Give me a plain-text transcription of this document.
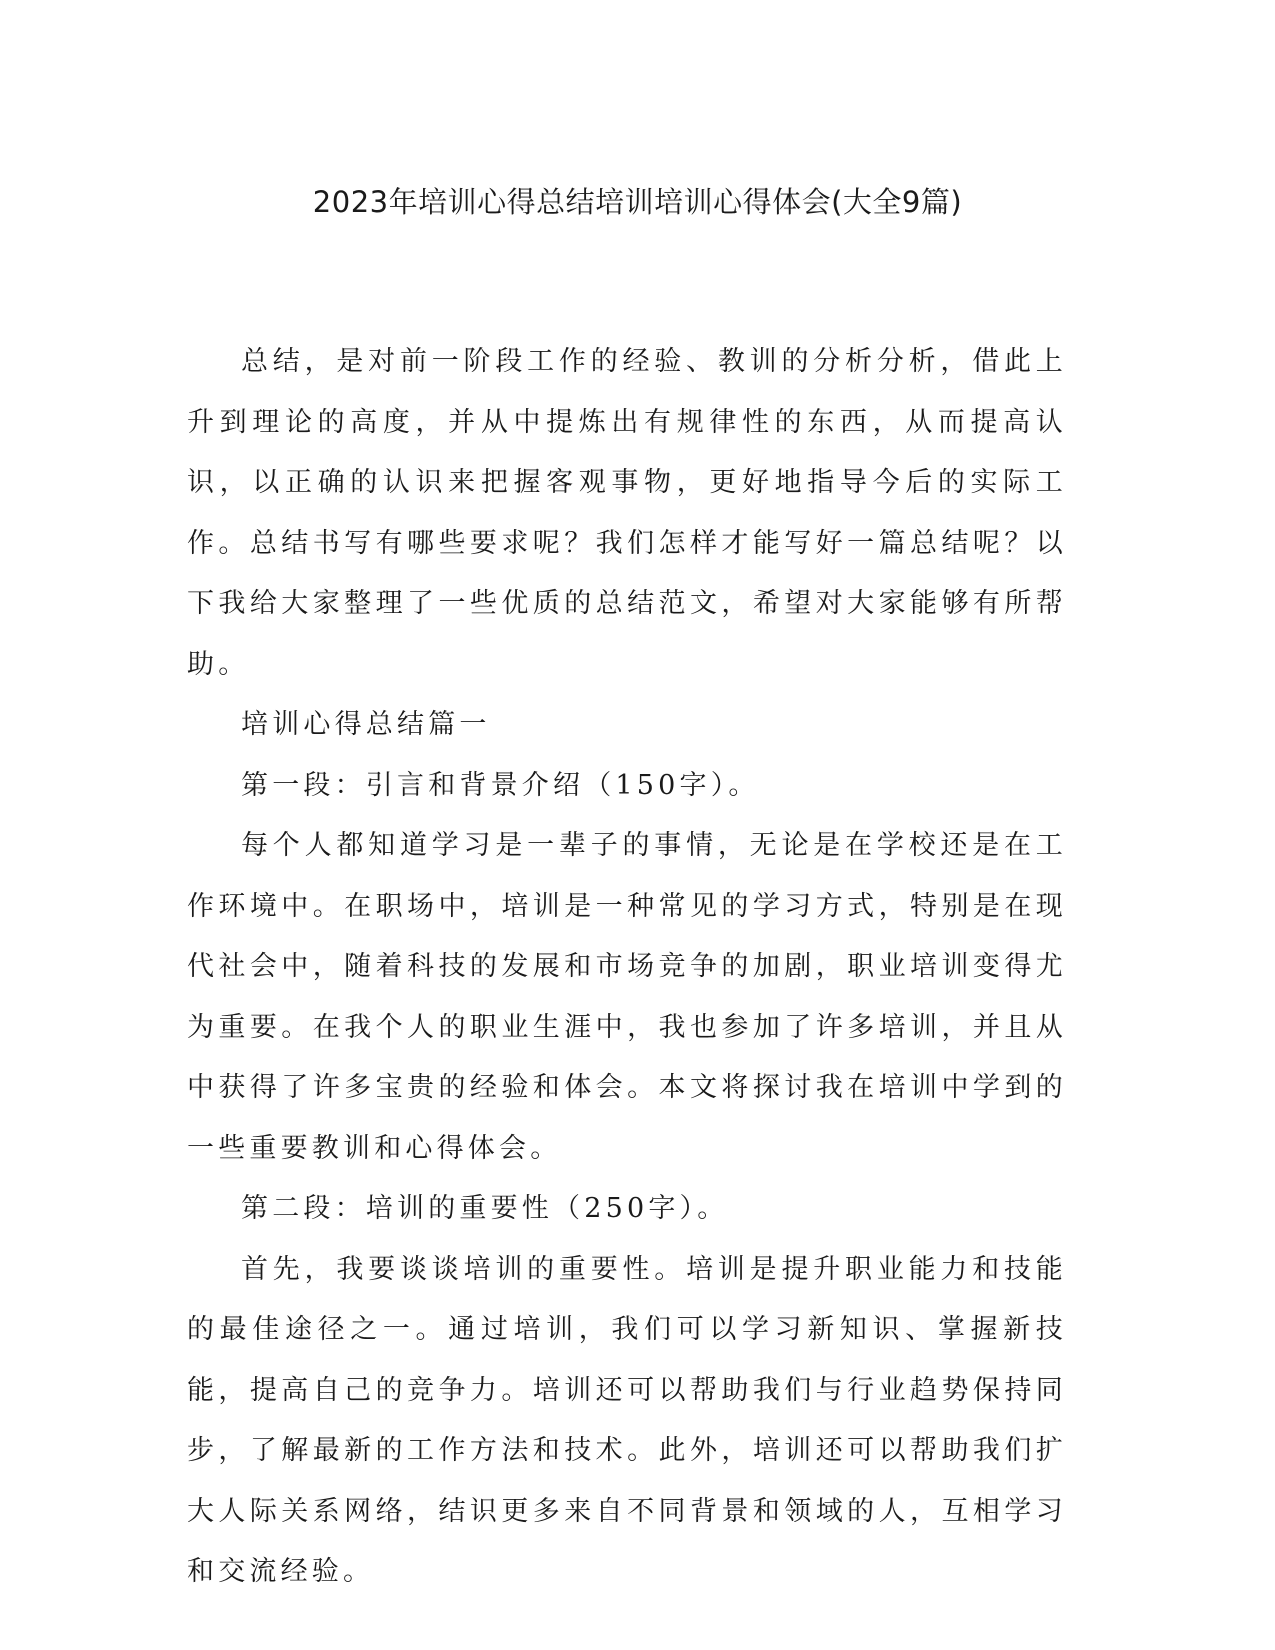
2023年培训心得总结培训培训心得体会(大全9篇)

总结，是对前一阶段工作的经验、教训的分析分析，借此上升到理论的高度，并从中提炼出有规律性的东西，从而提高认识，以正确的认识来把握客观事物，更好地指导今后的实际工作。总结书写有哪些要求呢？我们怎样才能写好一篇总结呢？以下我给大家整理了一些优质的总结范文，希望对大家能够有所帮助。

培训心得总结篇一

第一段：引言和背景介绍（150字）。

每个人都知道学习是一辈子的事情，无论是在学校还是在工作环境中。在职场中，培训是一种常见的学习方式，特别是在现代社会中，随着科技的发展和市场竞争的加剧，职业培训变得尤为重要。在我个人的职业生涯中，我也参加了许多培训，并且从中获得了许多宝贵的经验和体会。本文将探讨我在培训中学到的一些重要教训和心得体会。

第二段：培训的重要性（250字）。

首先，我要谈谈培训的重要性。培训是提升职业能力和技能的最佳途径之一。通过培训，我们可以学习新知识、掌握新技能，提高自己的竞争力。培训还可以帮助我们与行业趋势保持同步，了解最新的工作方法和技术。此外，培训还可以帮助我们扩大人际关系网络，结识更多来自不同背景和领域的人，互相学习和交流经验。
